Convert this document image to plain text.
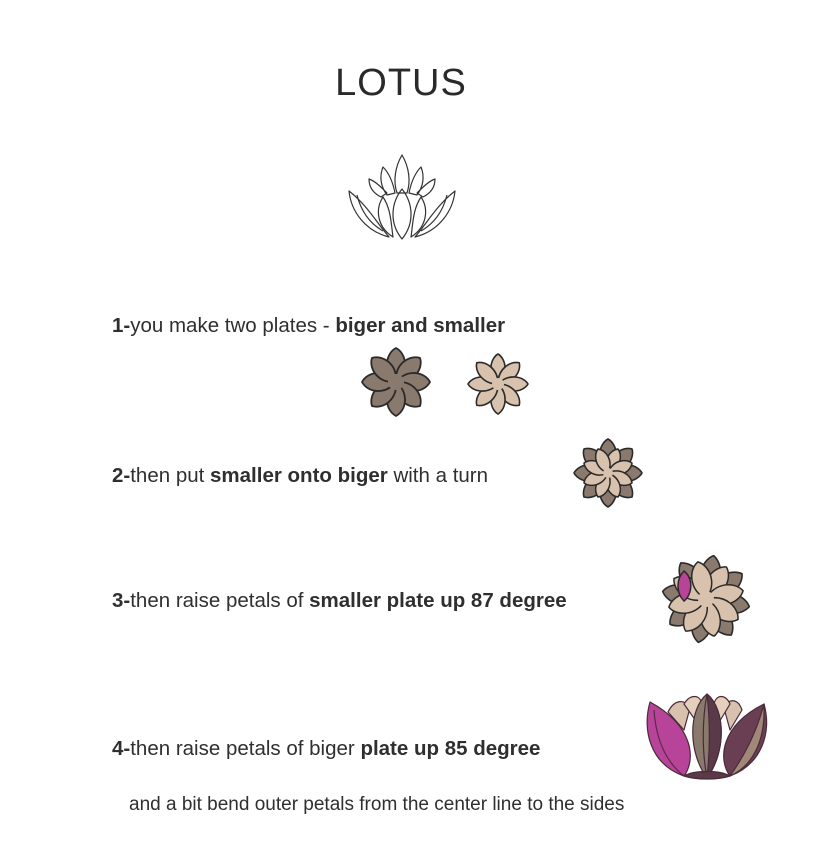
LOTUS
1-you make two plates - biger and smaller
2-then put smaller onto biger with a turn
3-then raise petals of smaller plate up 87 degree
4-then raise petals of biger plate up 85 degree
and a bit bend outer petals from the center line to the sides
